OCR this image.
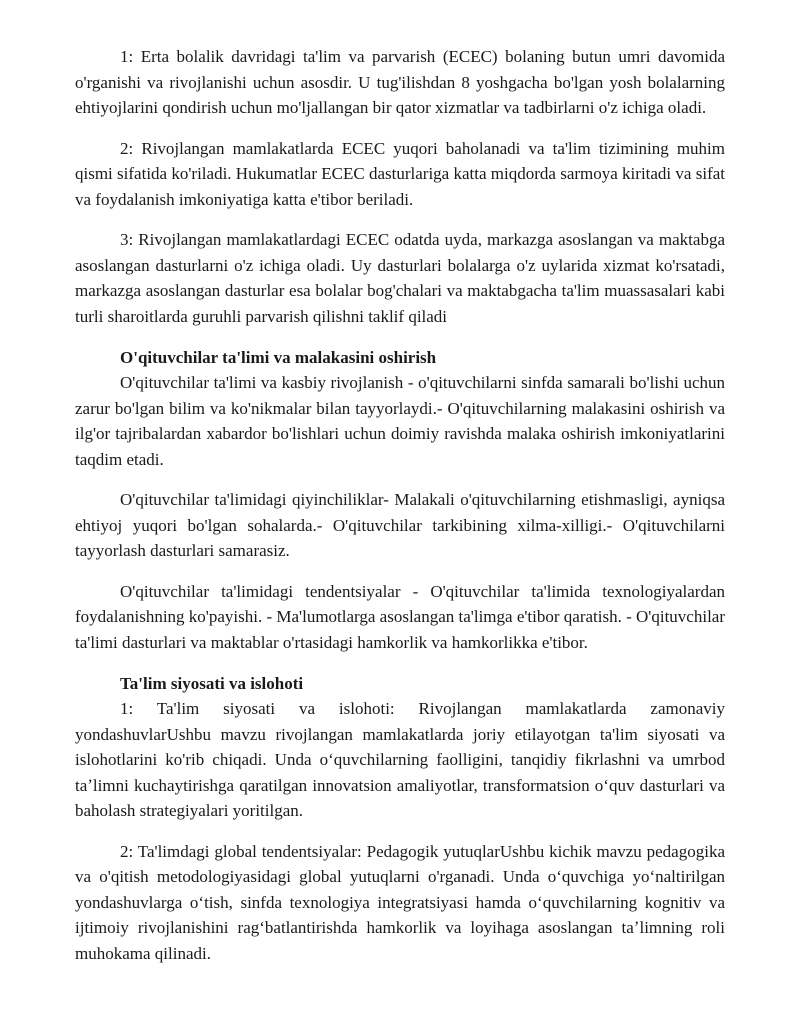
1: Erta bolalik davridagi ta'lim va parvarish (ECEC) bolaning butun umri davomida o'rganishi va rivojlanishi uchun asosdir. U tug'ilishdan 8 yoshgacha bo'lgan yosh bolalarning ehtiyojlarini qondirish uchun mo'ljallangan bir qator xizmatlar va tadbirlarni o'z ichiga oladi.

2: Rivojlangan mamlakatlarda ECEC yuqori baholanadi va ta'lim tizimining muhim qismi sifatida ko'riladi. Hukumatlar ECEC dasturlariga katta miqdorda sarmoya kiritadi va sifat va foydalanish imkoniyatiga katta e'tibor beriladi.

3: Rivojlangan mamlakatlardagi ECEC odatda uyda, markazga asoslangan va maktabga asoslangan dasturlarni o'z ichiga oladi. Uy dasturlari bolalarga o'z uylarida xizmat ko'rsatadi, markazga asoslangan dasturlar esa bolalar bog'chalari va maktabgacha ta'lim muassasalari kabi turli sharoitlarda guruhli parvarish qilishni taklif qiladi

O'qituvchilar ta'limi va malakasini oshirish

O'qituvchilar ta'limi va kasbiy rivojlanish - o'qituvchilarni sinfda samarali bo'lishi uchun zarur bo'lgan bilim va ko'nikmalar bilan tayyorlaydi.- O'qituvchilarning malakasini oshirish va ilg'or tajribalardan xabardor bo'lishlari uchun doimiy ravishda malaka oshirish imkoniyatlarini taqdim etadi.

O'qituvchilar ta'limidagi qiyinchiliklar- Malakali o'qituvchilarning etishmasligi, ayniqsa ehtiyoj yuqori bo'lgan sohalarda.- O'qituvchilar tarkibining xilma-xilligi.- O'qituvchilarni tayyorlash dasturlari samarasiz.

O'qituvchilar ta'limidagi tendentsiyalar - O'qituvchilar ta'limida texnologiyalardan foydalanishning ko'payishi. - Ma'lumotlarga asoslangan ta'limga e'tibor qaratish. - O'qituvchilar ta'limi dasturlari va maktablar o'rtasidagi hamkorlik va hamkorlikka e'tibor.

Ta'lim siyosati va islohoti

1: Ta'lim siyosati va islohoti: Rivojlangan mamlakatlarda zamonaviy yondashuvlarUshbu mavzu rivojlangan mamlakatlarda joriy etilayotgan ta'lim siyosati va islohotlarini ko'rib chiqadi. Unda oʻquvchilarning faolligini, tanqidiy fikrlashni va umrbod taʼlimni kuchaytirishga qaratilgan innovatsion amaliyotlar, transformatsion oʻquv dasturlari va baholash strategiyalari yoritilgan.

2: Ta'limdagi global tendentsiyalar: Pedagogik yutuqlarUshbu kichik mavzu pedagogika va o'qitish metodologiyasidagi global yutuqlarni o'rganadi. Unda oʻquvchiga yoʻnaltirilgan yondashuvlarga oʻtish, sinfda texnologiya integratsiyasi hamda oʻquvchilarning kognitiv va ijtimoiy rivojlanishini ragʻbatlantirishda hamkorlik va loyihaga asoslangan taʼlimning roli muhokama qilinadi.
